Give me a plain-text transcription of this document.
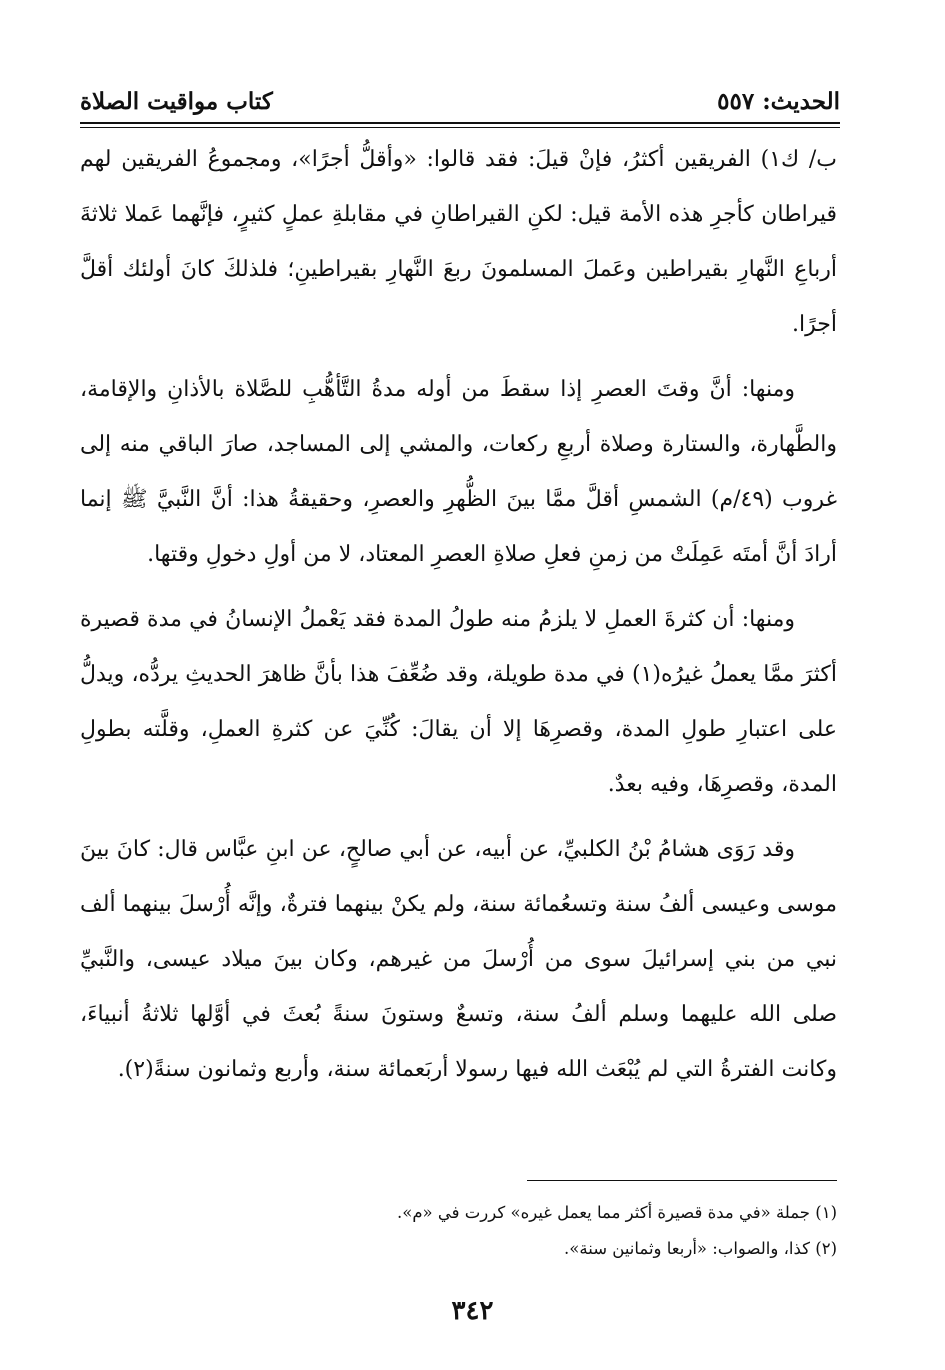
الحديث: ٥٥٧
كتاب مواقيت الصلاة

ب/ ك١) الفريقين أكثرُ، فإنْ قيلَ: فقد قالوا: «وأقلُّ أجرًا»، ومجموعُ الفريقين لهم قيراطان كأجرِ هذه الأمة قيل: لكنِ القيراطانِ في مقابلةِ عملٍ كثيرٍ، فإنَّهما عَملا ثلاثةَ أرباعِ النَّهارِ بقيراطين وعَملَ المسلمونَ ربعَ النَّهارِ بقيراطينِ؛ فلذلكَ كانَ أولئك أقلَّ أجرًا.

ومنها: أنَّ وقتَ العصرِ إذا سقطَ من أوله مدةُ التَّأهُّبِ للصَّلاة بالأذانِ والإقامة، والطَّهارة، والستارة وصلاة أربعِ ركعات، والمشي إلى المساجد، صارَ الباقي منه إلى غروب (٤٩/م) الشمسِ أقلَّ ممَّا بينَ الظُّهرِ والعصرِ، وحقيقةُ هذا: أنَّ النَّبيَّ ﷺ إنما أرادَ أنَّ أمتَه عَمِلَتْ من زمنِ فعلِ صلاةِ العصرِ المعتاد، لا من أولِ دخولِ وقتها.

ومنها: أن كثرةَ العملِ لا يلزمُ منه طولُ المدة فقد يَعْملُ الإنسانُ في مدة قصيرة أكثرَ ممَّا يعملُ غيرُه(١) في مدة طويلة، وقد ضُعِّفَ هذا بأنَّ ظاهرَ الحديثِ يردُّه، ويدلُّ على اعتبارِ طولِ المدة، وقصرِهَا إلا أن يقالَ: كُنِّيَ عن كثرةِ العملِ، وقلَّته بطولِ المدة، وقصرِهَا، وفيه بعدٌ.

وقد رَوَى هشامُ بْنُ الكلبيِّ، عن أبيه، عن أبي صالحٍ، عن ابنِ عبَّاس قال: كانَ بينَ موسى وعيسى ألفُ سنة وتسعُمائة سنة، ولم يكنْ بينهما فترةٌ، وإنَّه أُرْسلَ بينهما ألف نبي من بني إسرائيلَ سوى من أُرْسلَ من غيرهم، وكان بينَ ميلاد عيسى، والنَّبيِّ صلى الله عليهما وسلم ألفُ سنة، وتسعٌ وستونَ سنةً بُعثَ في أوَّلها ثلاثةُ أنبياءَ، وكانت الفترةُ التي لم يُبْعَث الله فيها رسولا أربَعمائة سنة، وأربع وثمانون سنةً(٢).

(١) جملة «في مدة قصيرة أكثر مما يعمل غيره» كررت في «م».

(٢) كذا، والصواب: «أربعا وثمانين سنة».

٣٤٢
